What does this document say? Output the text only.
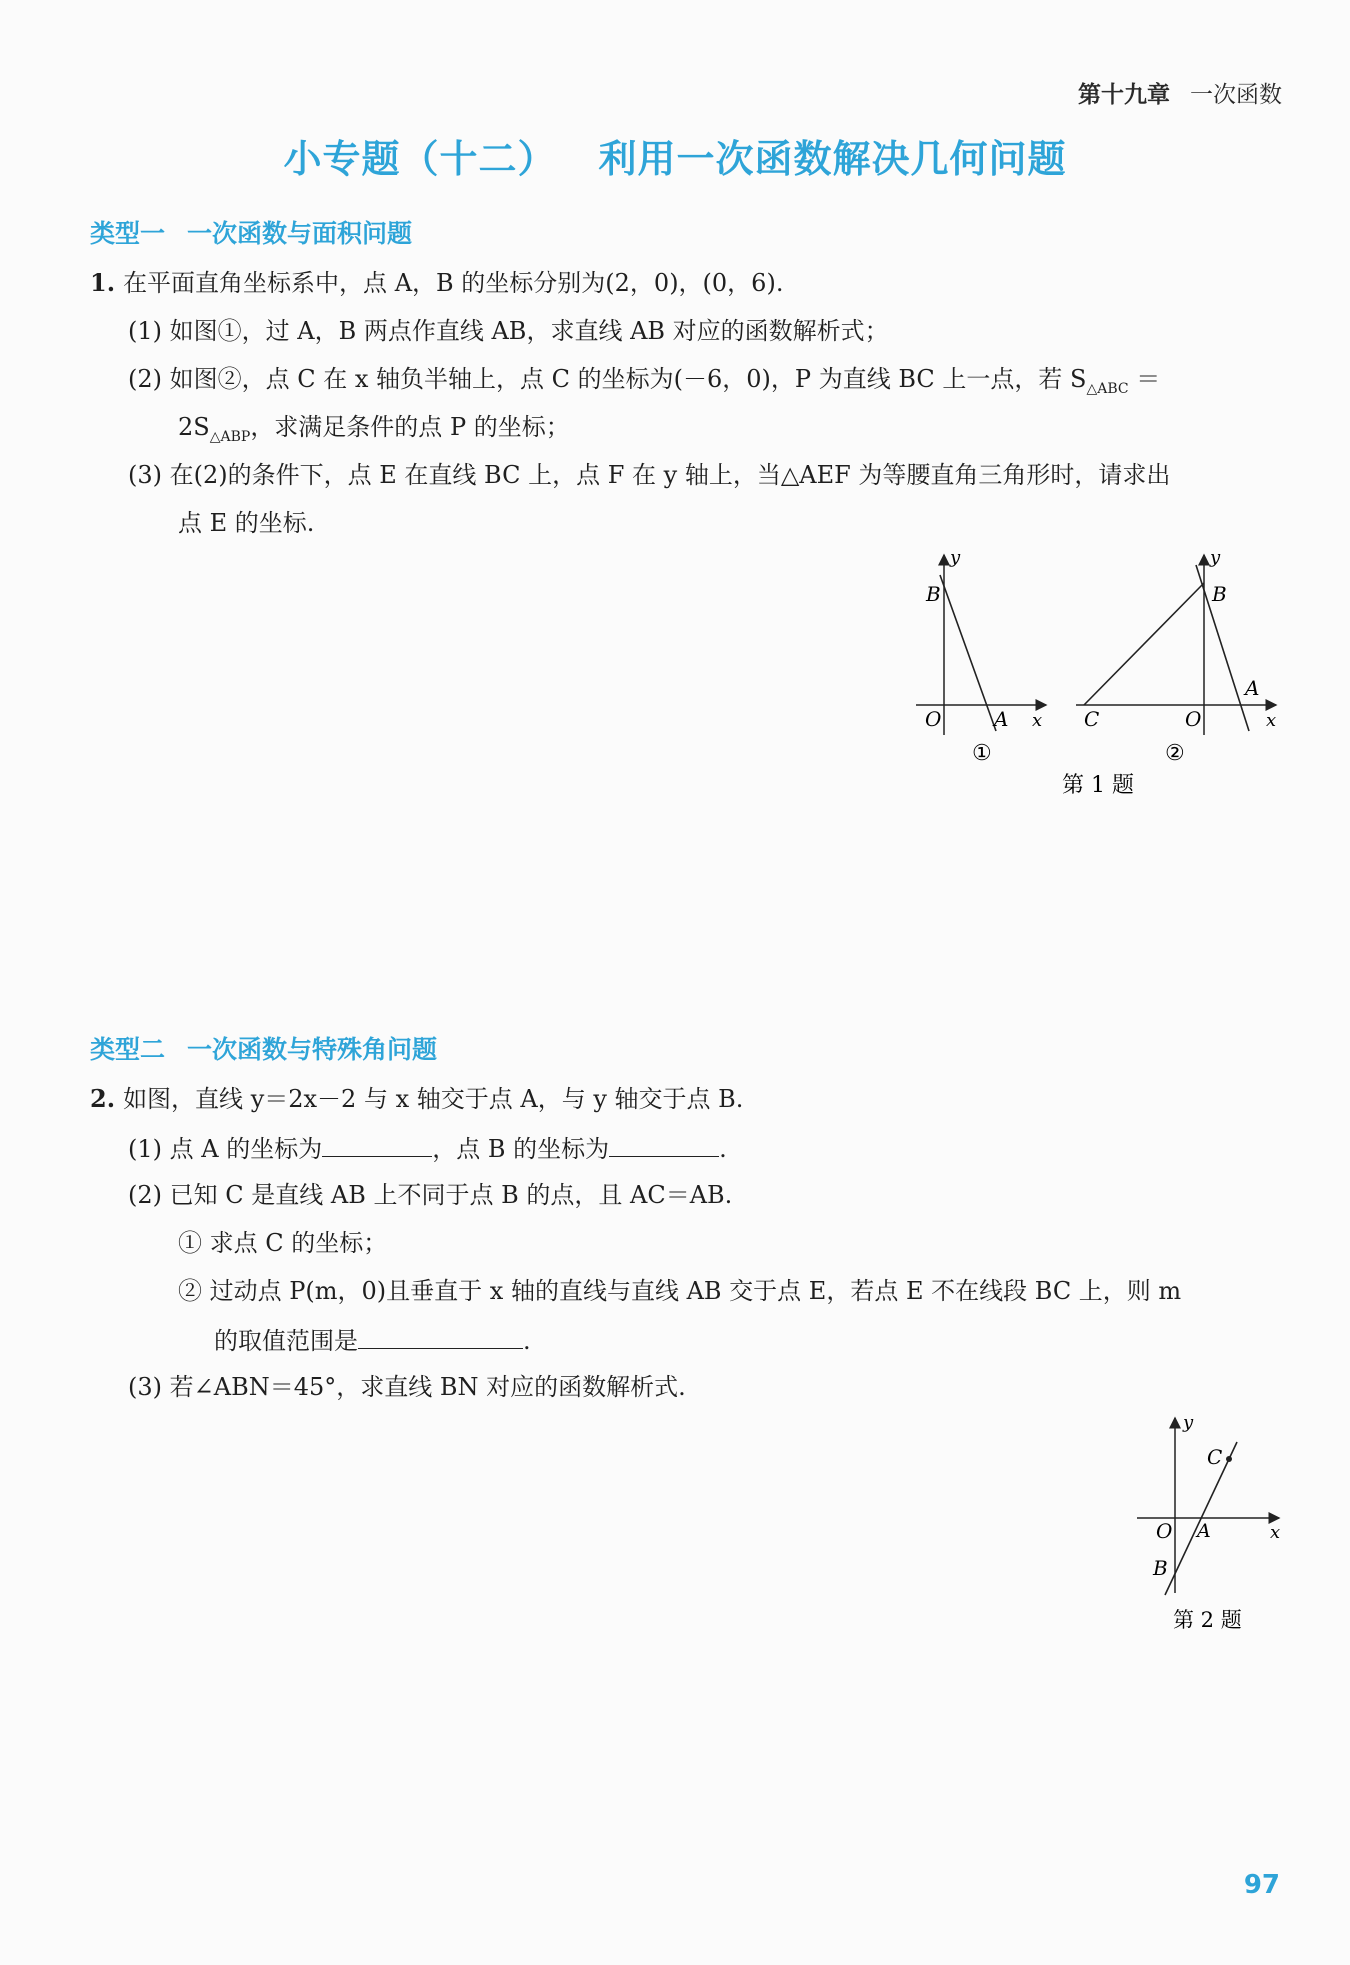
第十九章 一次函数
小专题（十二） 利用一次函数解决几何问题
类型一 一次函数与面积问题
1. 在平面直角坐标系中，点 A，B 的坐标分别为(2，0)，(0，6).
(1) 如图①，过 A，B 两点作直线 AB，求直线 AB 对应的函数解析式；
(2) 如图②，点 C 在 x 轴负半轴上，点 C 的坐标为(－6，0)，P 为直线 BC 上一点，若 $S_{\triangle ABC}$ ＝
$2S_{\triangle ABP}$，求满足条件的点 P 的坐标；
(3) 在(2)的条件下，点 E 在直线 BC 上，点 F 在 y 轴上，当△AEF 为等腰直角三角形时，请求出
点 E 的坐标.
B
O	A x
y
①
B
C	O
A
x
y
②
第 1 题
类型二 一次函数与特殊角问题
2. 如图，直线 y＝2x－2 与 x 轴交于点 A，与 y 轴交于点 B.
(1) 点 A 的坐标为	，点 B 的坐标为	.
(2) 已知 C 是直线 AB 上不同于点 B 的点，且 AC＝AB.
① 求点 C 的坐标；
② 过动点 P(m，0)且垂直于 x 轴的直线与直线 AB 交于点 E，若点 E 不在线段 BC 上，则 m
的取值范围是	.
(3) 若∠ABN＝45°，求直线 BN 对应的函数解析式.
C
O A
B
x
y
第 2 题
97
